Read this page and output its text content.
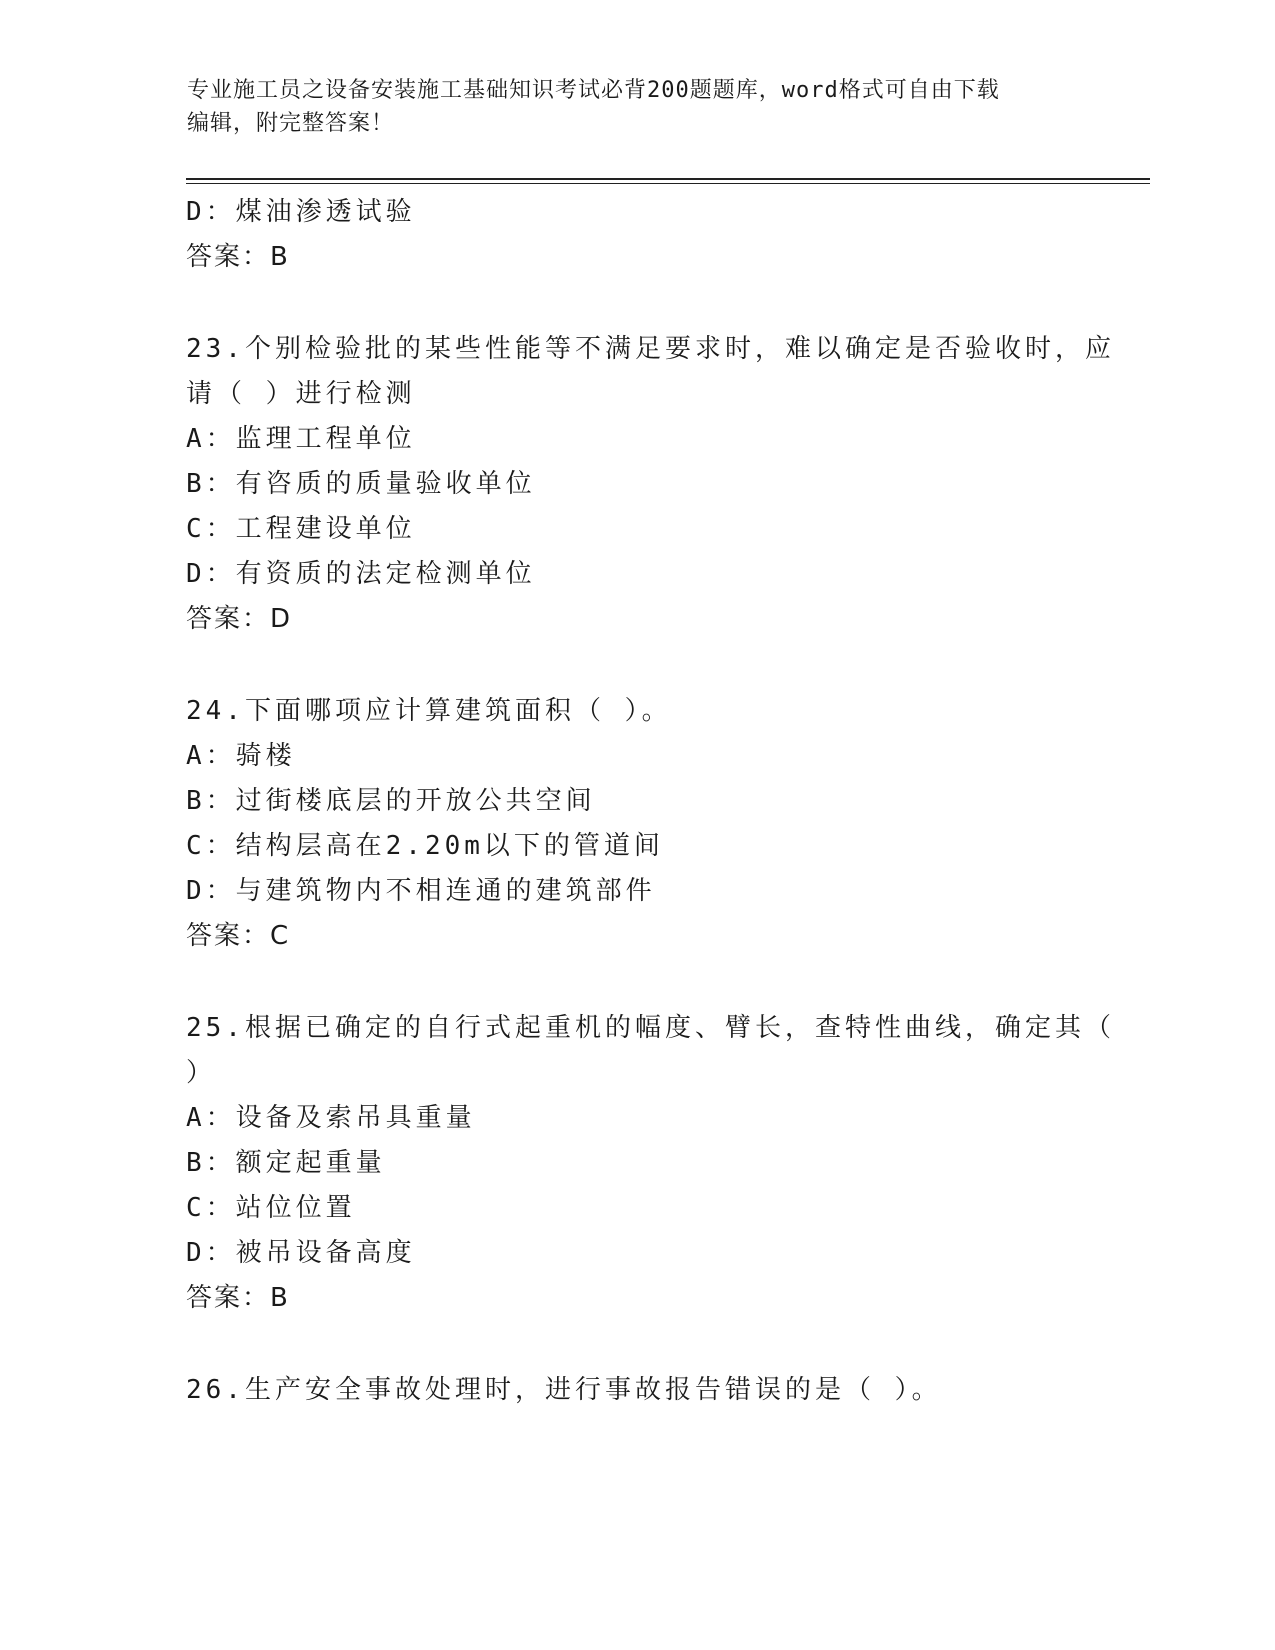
专业施工员之设备安装施工基础知识考试必背200题题库，word格式可自由下载
编辑，附完整答案！
D：煤油渗透试验
答案：B
23.个别检验批的某些性能等不满足要求时，难以确定是否验收时，应
请（ ）进行检测
A：监理工程单位
B：有咨质的质量验收单位
C：工程建设单位
D：有资质的法定检测单位
答案：D
24.下面哪项应计算建筑面积（ ）。
A：骑楼
B：过街楼底层的开放公共空间
C：结构层高在2.20m以下的管道间
D：与建筑物内不相连通的建筑部件
答案：C
25.根据已确定的自行式起重机的幅度、臂长，查特性曲线，确定其（
）
A：设备及索吊具重量
B：额定起重量
C：站位位置
D：被吊设备高度
答案：B
26.生产安全事故处理时，进行事故报告错误的是（ ）。
